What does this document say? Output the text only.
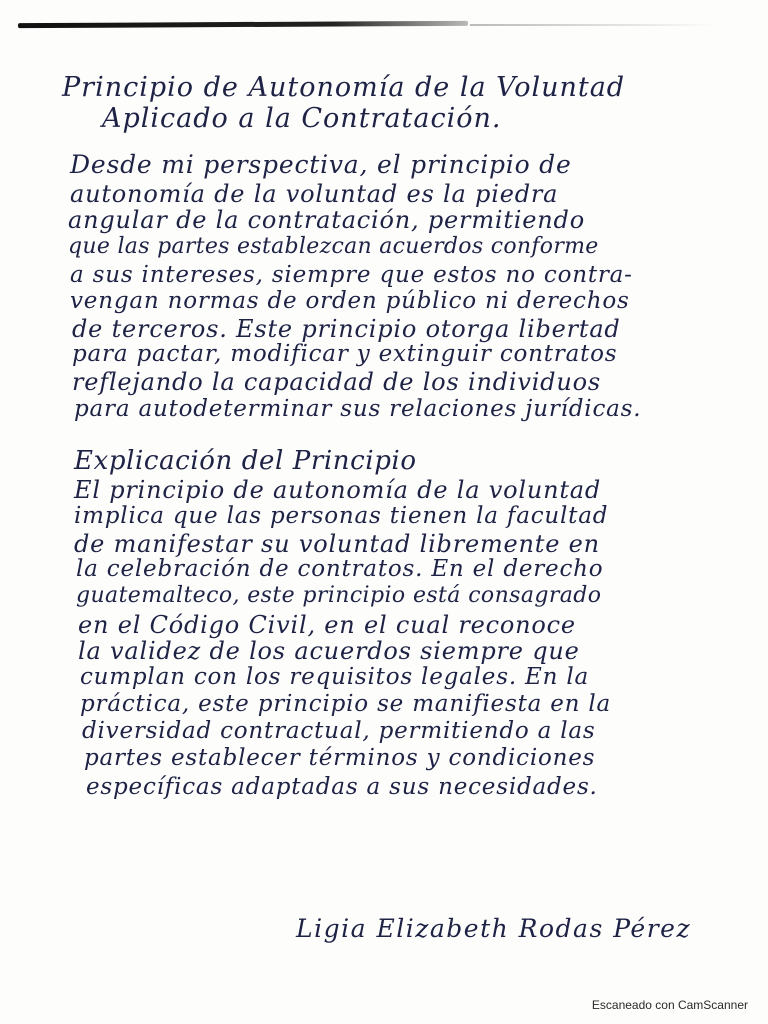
Principio de Autonomía de la Voluntad
Aplicado a la Contratación.
Desde mi perspectiva, el principio de
autonomía de la voluntad es la piedra
angular de la contratación, permitiendo
que las partes establezcan acuerdos conforme
a sus intereses, siempre que estos no contra-
vengan normas de orden público ni derechos
de terceros. Este principio otorga libertad
para pactar, modificar y extinguir contratos
reflejando la capacidad de los individuos
para autodeterminar sus relaciones jurídicas.
Explicación del Principio
El principio de autonomía de la voluntad
implica que las personas tienen la facultad
de manifestar su voluntad libremente en
la celebración de contratos. En el derecho
guatemalteco, este principio está consagrado
en el Código Civil, en el cual reconoce
la validez de los acuerdos siempre que
cumplan con los requisitos legales. En la
práctica, este principio se manifiesta en la
diversidad contractual, permitiendo a las
partes establecer términos y condiciones
específicas adaptadas a sus necesidades.
Ligia Elizabeth Rodas Pérez
Escaneado con CamScanner
